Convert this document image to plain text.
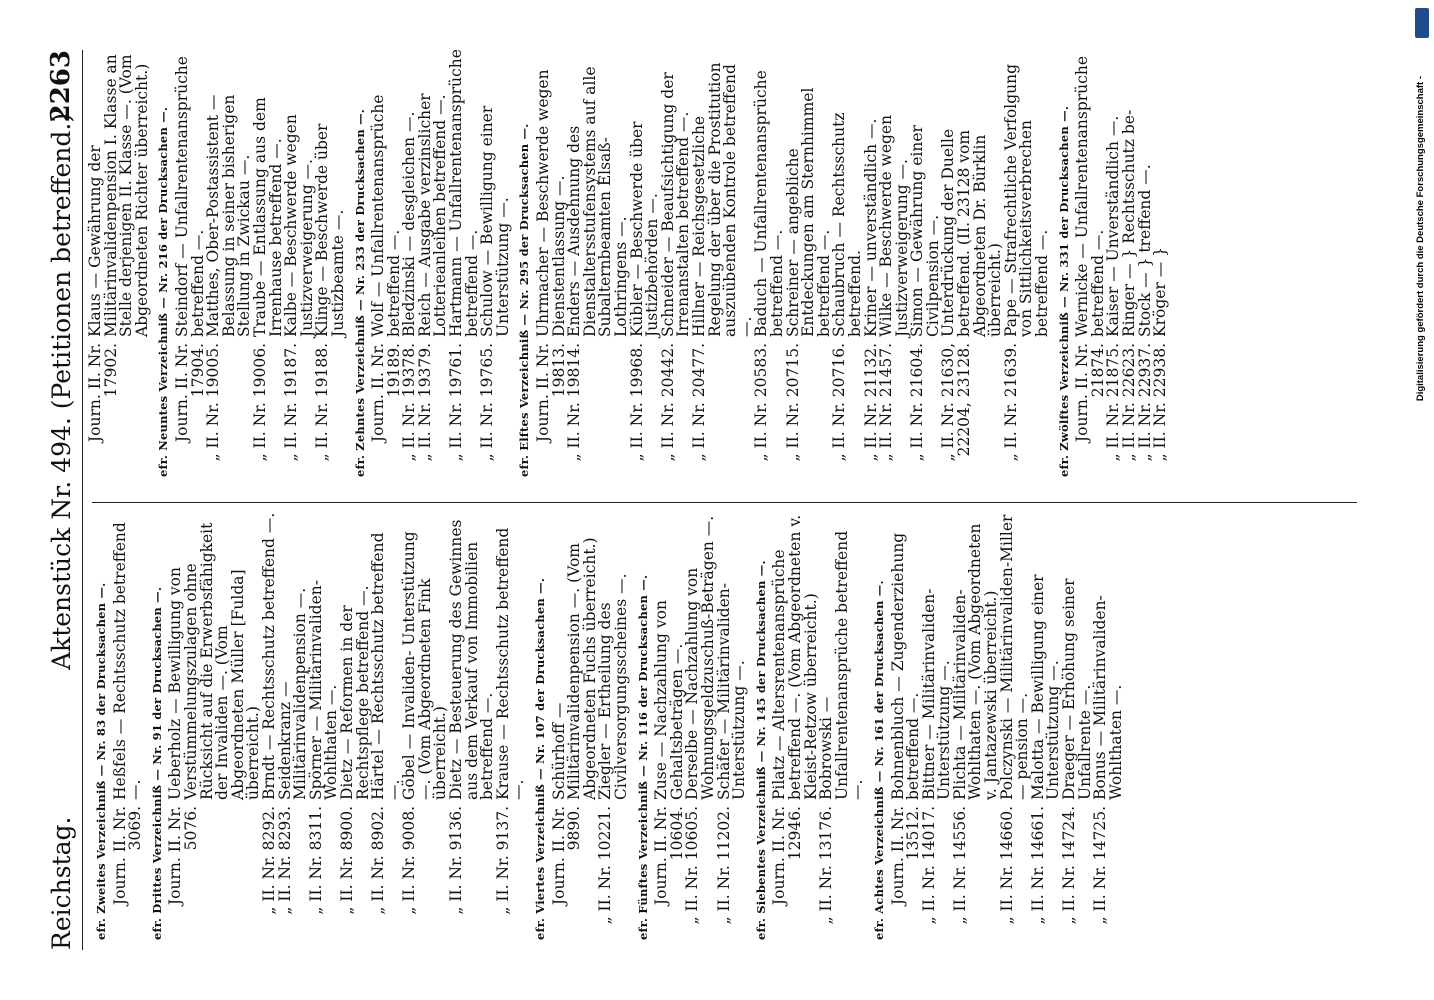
Reichstag.
Aktenstück Nr. 494. (Petitionen betreffend.)
2263
efr. Zweites Verzeichniß — Nr. 83 der Drucksachen —. Journ. II. Nr. 3069.
Heßfels — Rechtsschutz betreffend —. efr. Drittes Verzeichniß — Nr. 91 der Drucksachen —. Journ. II. Nr. 5076.
Ueberholz — Bewilligung von Verstümmelungszulagen ohne Rücksicht auf die Erwerbsfähigkeit der Invaliden —. (Vom Abgeordneten Müller [Fulda] überreicht.)
„ II. Nr. 8292.
Brndt — Rechtsschutz betreffend —.
„ II. Nr. 8293.
Seidenkranz — Militärinvalidenpension —.
„ II. Nr. 8311.
Spörner — Militärinvaliden-Wohlthaten —.
„ II. Nr. 8900.
Dietz — Reformen in der Rechtspflege betreffend —.
„ II. Nr. 8902.
Härtel — Rechtsschutz betreffend —.
„ II. Nr. 9008.
Göbel — Invaliden- Unterstützung —. (Vom Abgeordneten Fink überreicht.)
„ II. Nr. 9136.
Dietz — Besteuerung des Gewinnes aus dem Verkauf von Immobilien betreffend —.
„ II. Nr. 9137.
Krause — Rechtsschutz betreffend —. efr. Viertes Verzeichniß — Nr. 107 der Drucksachen —. Journ. II. Nr. 9890.
Schürhoff — Militärinvalidenpension —. (Vom Abgeordneten Fuchs überreicht.)
„ II. Nr. 10221.
Ziegler — Ertheilung des Civilversorgungsscheines —. efr. Fünftes Verzeichniß — Nr. 116 der Drucksachen —. Journ. II. Nr. 10604.
Zuse — Nachzahlung von Gehaltsbeträgen —.
„ II. Nr. 10605.
Derselbe — Nachzahlung von Wohnungsgeldzuschuß-Beträgen —.
„ II. Nr. 11202.
Schäfer — Militärinvaliden-Unterstützung —. efr. Siebentes Verzeichniß — Nr. 145 der Drucksachen —. Journ. II. Nr. 12946.
Pilatz — Altersrentenansprüche betreffend —. (Vom Abgeordneten v. Kleist-Retzow überreicht.)
„ II. Nr. 13176.
Bobrowski — Unfallrentenansprüche betreffend —. efr. Achtes Verzeichniß — Nr. 161 der Drucksachen —. Journ. II. Nr. 13512.
Bohnenbluch — Zugenderziehung betreffend —.
„ II. Nr. 14017.
Bittner — Militärinvaliden-Unterstützung —.
„ II. Nr. 14556.
Plichta — Militärinvaliden-Wohlthaten —. (Vom Abgeordneten v. Jantazewski überreicht.)
„ II. Nr. 14660.
Polczynski — Militärinvaliden-Miller — pension —.
„ II. Nr. 14661.
Malotta — Bewilligung einer Unterstützung —.
„ II. Nr. 14724.
Draeger — Erhöhung seiner Unfallrente —.
„ II. Nr. 14725.
Bonus — Militärinvaliden-Wohlthaten —.
Journ. II. Nr. 17902.
Klaus — Gewährung der Militärinvalidenpension I. Klasse an Stelle derjenigen II. Klasse —. (Vom Abgeordneten Richter überreicht.) efr. Neuntes Verzeichniß — Nr. 216 der Drucksachen —. Journ. II. Nr. 17904.
Steindorf — Unfallrentenansprüche betreffend —.
„ II. Nr. 19005.
Matthes, Ober-Postassistent — Belassung in seiner bisherigen Stellung in Zwickau —.
„ II. Nr. 19006.
Traube — Entlassung aus dem Irrenhause betreffend —.
„ II. Nr. 19187.
Kalbe — Beschwerde wegen Justizverweigerung —.
„ II. Nr. 19188.
Klinge — Beschwerde über Justizbeamte —. efr. Zehntes Verzeichniß — Nr. 233 der Drucksachen —. Journ. II. Nr. 19189.
Wolf — Unfallrentenansprüche betreffend —.
„ II. Nr. 19378.
Bledzinski — desgleichen —.
„ II. Nr. 19379.
Reich — Ausgabe verzinslicher Lotterieanleihen betreffend —.
„ II. Nr. 19761.
Hartmann — Unfallrentenansprüche betreffend —.
„ II. Nr. 19765.
Schulow — Bewilligung einer Unterstützung —. efr. Elftes Verzeichniß — Nr. 295 der Drucksachen —. Journ. II. Nr. 19813.
Uhrmacher — Beschwerde wegen Dienstentlassung —.
„ II. Nr. 19814.
Enders — Ausdehnung des Dienstaltersstufensystems auf alle Subalternbeamten Elsaß-Lothringens —.
„ II. Nr. 19968.
Kübler — Beschwerde über Justizbehörden —.
„ II. Nr. 20442.
Schneider — Beaufsichtigung der Irrenanstalten betreffend —.
„ II. Nr. 20477.
Hillner — Reichsgesetzliche Regelung der über die Prostitution auszuübenden Kontrole betreffend —.
„ II. Nr. 20583.
Baduch — Unfallrentenansprüche betreffend —.
„ II. Nr. 20715.
Schreiner — angebliche Entdeckungen am Sternhimmel betreffend —.
„ II. Nr. 20716.
Schaubruch — Rechtsschutz betreffend.
„ II. Nr. 21132.
Kriner — unverständlich —.
„ II. Nr. 21457.
Wilke — Beschwerde wegen Justizverweigerung —.
„ II. Nr. 21604.
Simon — Gewährung einer Civilpension —.
„ II. Nr. 21630, 22204, 23128.
Unterdrückung der Duelle betreffend. (II. 23128 vom Abgeordneten Dr. Bürklin überreicht.)
„ II. Nr. 21639.
Pape — Strafrechtliche Verfolgung von Sittlichkeitsverbrechen betreffend —. efr. Zwölftes Verzeichniß — Nr. 331 der Drucksachen —. Journ. II. Nr. 21874.
Wernicke — Unfallrentenansprüche betreffend —.
„ II. Nr. 21875.
Kaiser — Unverständlich —.
„ II. Nr. 22623.
Ringer — } Rechtsschutz be-
„ II. Nr. 22937.
Stock — } treffend —.
„ II. Nr. 22938.
Kröger — }	Digitalisierung gefördert durch die Deutsche Forschungsgemeinschaft -
